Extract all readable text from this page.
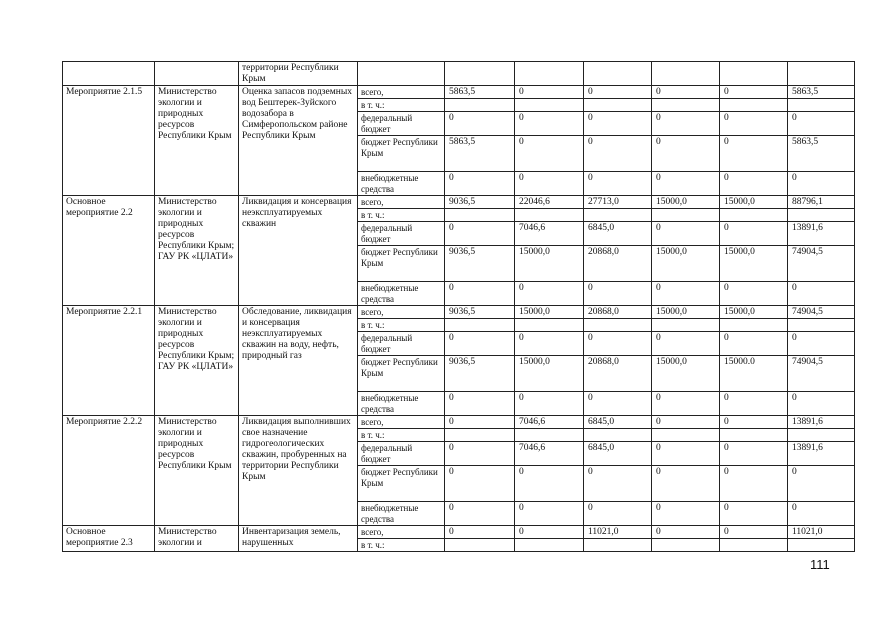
		территории Республики Крым							
Мероприятие 2.1.5	Министерство экологии и природных ресурсов Республики Крым	Оценка запасов подземных вод Бештерек-Зуйского водозабора в Симферопольском районе Республики Крым	всего,	5863,5	0	0	0	0	5863,5
			в т. ч.:						
			федеральный бюджет	0	0	0	0	0	0
			бюджет Республики Крым	5863,5	0	0	0	0	5863,5
			внебюджетные средства	0	0	0	0	0	0

Основное мероприятие 2.2	Министерство экологии и природных ресурсов Республики Крым; ГАУ РК «ЦЛАТИ»	Ликвидация и консервация неэксплуатируемых скважин	всего,	9036,5	22046,6	27713,0	15000,0	15000,0	88796,1
			в т. ч.:						
			федеральный бюджет	0	7046,6	6845,0	0	0	13891,6
			бюджет Республики Крым	9036,5	15000,0	20868,0	15000,0	15000,0	74904,5
			внебюджетные средства	0	0	0	0	0	0

Мероприятие 2.2.1	Министерство экологии и природных ресурсов Республики Крым; ГАУ РК «ЦЛАТИ»	Обследование, ликвидация и консервация неэксплуатируемых скважин на воду, нефть, природный газ	всего,	9036,5	15000,0	20868,0	15000,0	15000,0	74904,5
			в т. ч.:						
			федеральный бюджет	0	0	0	0	0	0
			бюджет Республики Крым	9036,5	15000,0	20868,0	15000,0	15000.0	74904,5
			внебюджетные средства	0	0	0	0	0	0

Мероприятие 2.2.2	Министерство экологии и природных ресурсов Республики Крым	Ликвидация выполнивших свое назначение гидрогеологических скважин, пробуренных на территории Республики Крым	всего,	0	7046,6	6845,0	0	0	13891,6
			в т. ч.:						
			федеральный бюджет	0	7046,6	6845,0	0	0	13891,6
			бюджет Республики Крым	0	0	0	0	0	0
			внебюджетные средства	0	0	0	0	0	0

Основное мероприятие 2.3	Министерство экологии и	Инвентаризация земель, нарушенных	всего,	0	0	11021,0	0	0	11021,0
			в т. ч.:						
111
